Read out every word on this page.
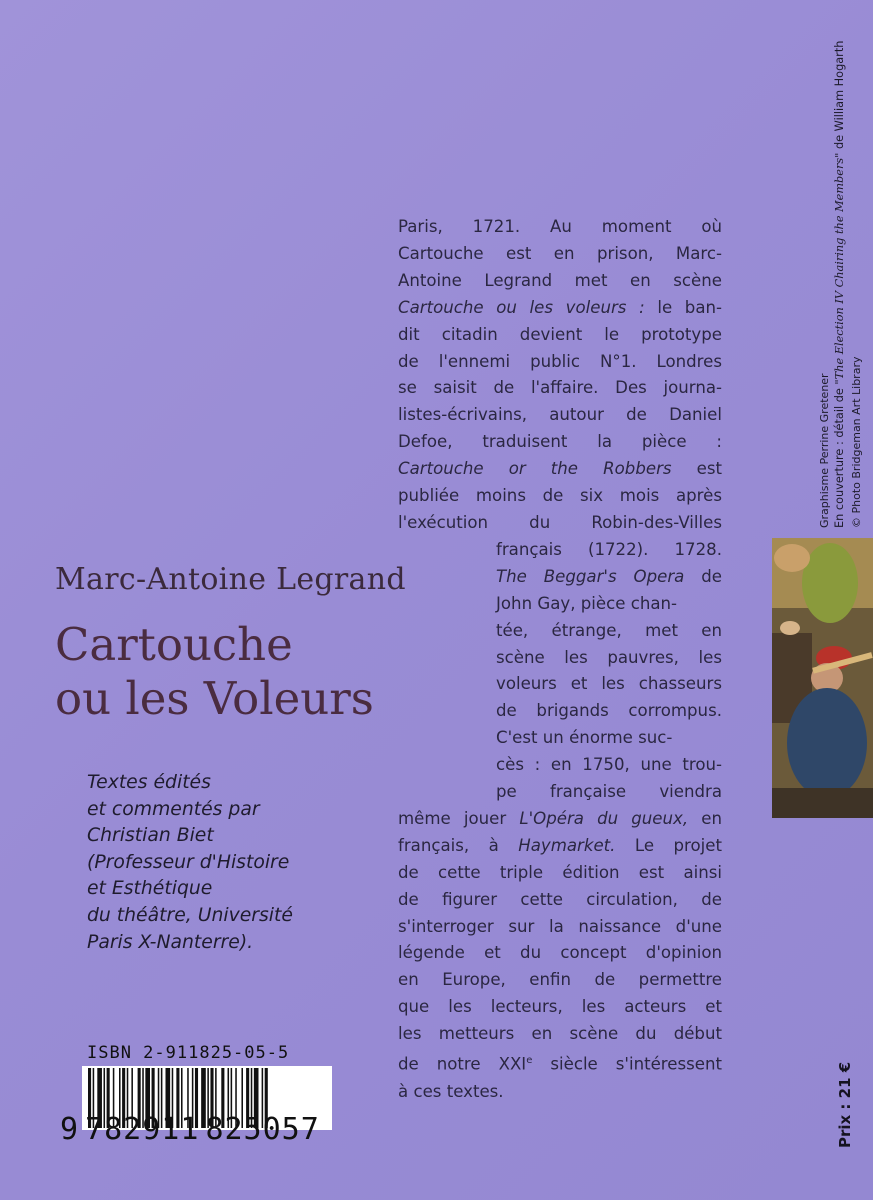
Paris, 1721. Au moment où
Cartouche est en prison, Marc-
Antoine Legrand met en scène
Cartouche ou les voleurs : le ban-
dit citadin devient le prototype
de l'ennemi public N°1. Londres
se saisit de l'affaire. Des journa-
listes-écrivains, autour de Daniel
Defoe, traduisent la pièce :
Cartouche or the Robbers est
publiée moins de six mois après
l'exécution du Robin-des-Villes
français (1722). 1728.
The Beggar's Opera de
John Gay, pièce chan-
tée, étrange, met en
scène les pauvres, les
voleurs et les chasseurs
de brigands corrompus.
C'est un énorme suc-
cès : en 1750, une trou-
pe française viendra
même jouer L'Opéra du gueux, en
français, à Haymarket. Le projet
de cette triple édition est ainsi
de figurer cette circulation, de
s'interroger sur la naissance d'une
légende et du concept d'opinion
en Europe, enfin de permettre
que les lecteurs, les acteurs et
les metteurs en scène du début
de notre XXIe siècle s'intéressent
à ces textes.
Marc-Antoine Legrand
Cartouche
ou les Voleurs
Textes édités
et commentés par
Christian Biet
(Professeur d'Histoire
et Esthétique
du théâtre, Université
Paris X-Nanterre).
ISBN 2-911825-05-5
9 782911 825057
Graphisme Perrine Gretener En couverture : détail de "The Election IV Chairing the Members" de William Hogarth
© Photo Bridgeman Art Library
Prix : 21 €
